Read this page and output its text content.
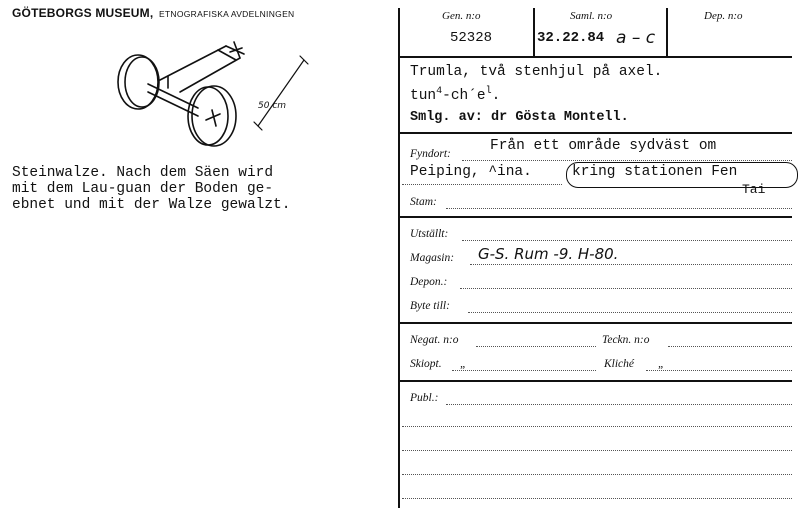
GÖTEBORGS MUSEUM, ETNOGRAFISKA AVDELNINGEN
50 cm
Steinwalze. Nach dem Säen wird
mit dem Lau-guan der Boden ge-
ebnet und mit der Walze gewalzt.
Gen. n:o	Saml. n:o	Dep. n:o
52328	32.22.84 a – c
Trumla, två stenhjul på axel.
$tun^4-ch´e^l$.
Smlg. av: dr Gösta Montell.
Fyndort:	Från ett område sydväst om
Peiping, ^ina.	kring stationen Fen
Tai
Stam:
Utställt:
Magasin: G-S. Rum -9. H-80.
Depon.:
Byte till:
Negat. n:o	Teckn. n:o
Skiopt. „	Kliché „
Publ.:
